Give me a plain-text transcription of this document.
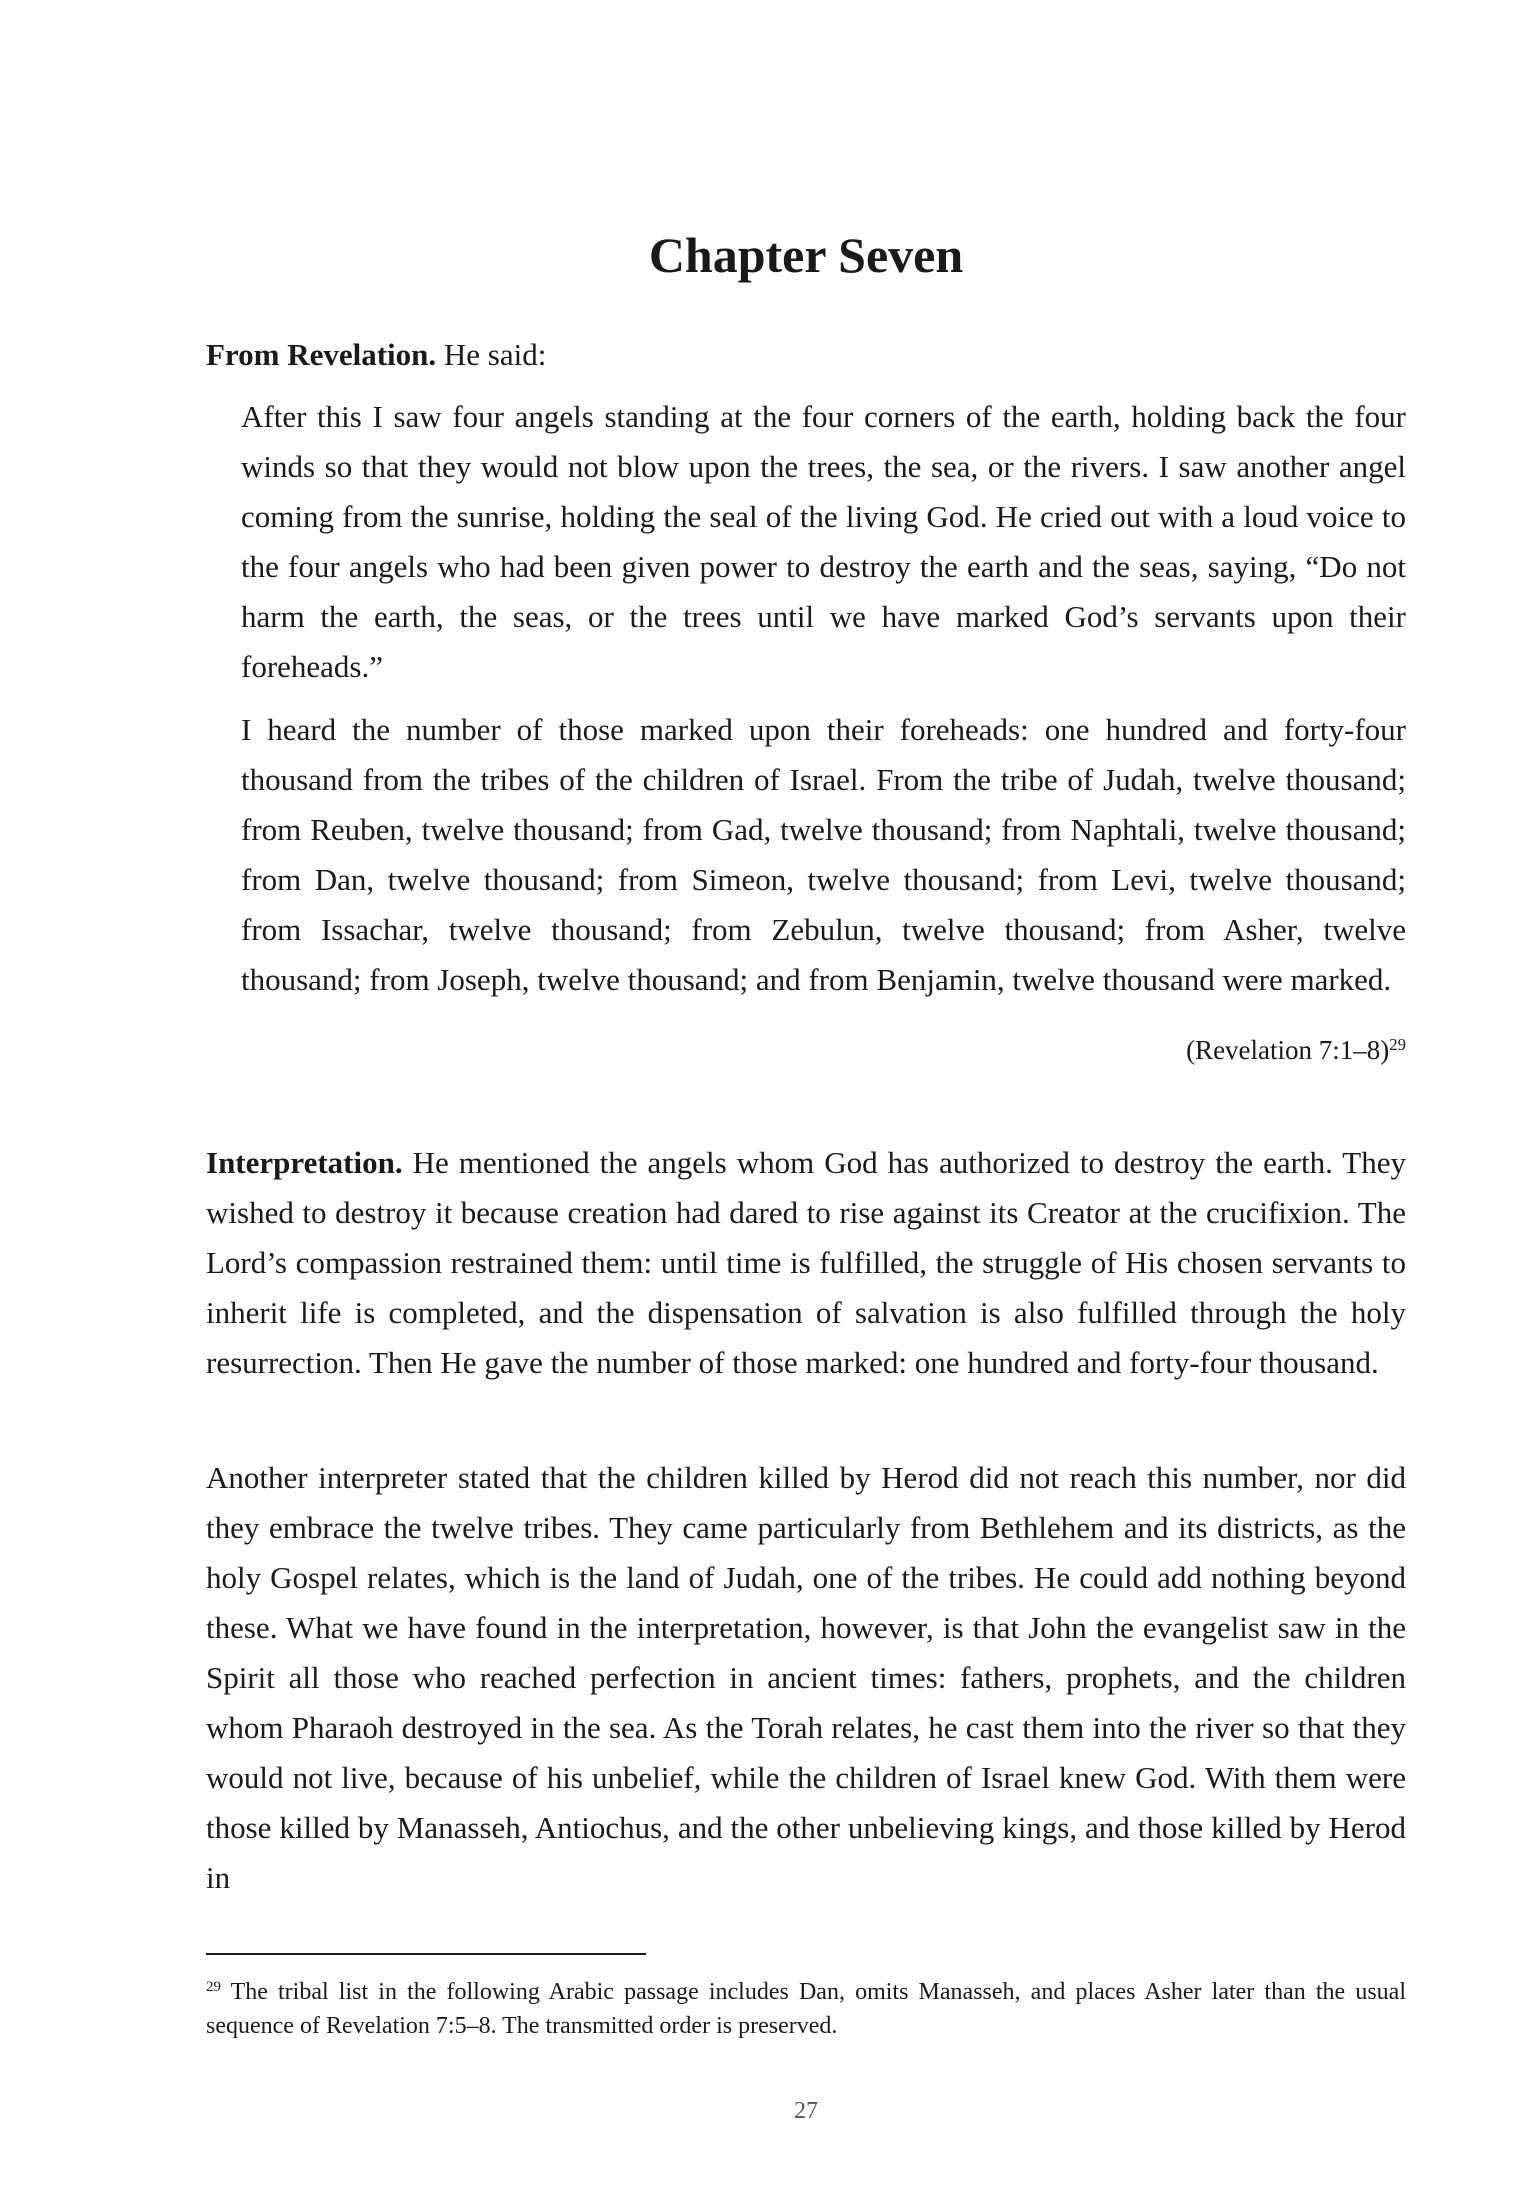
Chapter Seven

From Revelation. He said:

After this I saw four angels standing at the four corners of the earth, holding back the four winds so that they would not blow upon the trees, the sea, or the rivers. I saw another angel coming from the sunrise, holding the seal of the living God. He cried out with a loud voice to the four angels who had been given power to destroy the earth and the seas, saying, “Do not harm the earth, the seas, or the trees until we have marked God’s servants upon their foreheads.”

I heard the number of those marked upon their foreheads: one hundred and forty-four thousand from the tribes of the children of Israel. From the tribe of Judah, twelve thousand; from Reuben, twelve thousand; from Gad, twelve thousand; from Naphtali, twelve thousand; from Dan, twelve thousand; from Simeon, twelve thousand; from Levi, twelve thousand; from Issachar, twelve thousand; from Zebulun, twelve thousand; from Asher, twelve thousand; from Joseph, twelve thousand; and from Benjamin, twelve thousand were marked.

(Revelation 7:1–8)$^{29}$

Interpretation. He mentioned the angels whom God has authorized to destroy the earth. They wished to destroy it because creation had dared to rise against its Creator at the crucifixion. The Lord’s compassion restrained them: until time is fulfilled, the struggle of His chosen servants to inherit life is completed, and the dispensation of salvation is also fulfilled through the holy resurrection. Then He gave the number of those marked: one hundred and forty-four thousand.

Another interpreter stated that the children killed by Herod did not reach this number, nor did they embrace the twelve tribes. They came particularly from Bethlehem and its districts, as the holy Gospel relates, which is the land of Judah, one of the tribes. He could add nothing beyond these. What we have found in the interpretation, however, is that John the evangelist saw in the Spirit all those who reached perfection in ancient times: fathers, prophets, and the children whom Pharaoh destroyed in the sea. As the Torah relates, he cast them into the river so that they would not live, because of his unbelief, while the children of Israel knew God. With them were those killed by Manasseh, Antiochus, and the other unbelieving kings, and those killed by Herod in

$^{29}$ The tribal list in the following Arabic passage includes Dan, omits Manasseh, and places Asher later than the usual sequence of Revelation 7:5–8. The transmitted order is preserved.

27
